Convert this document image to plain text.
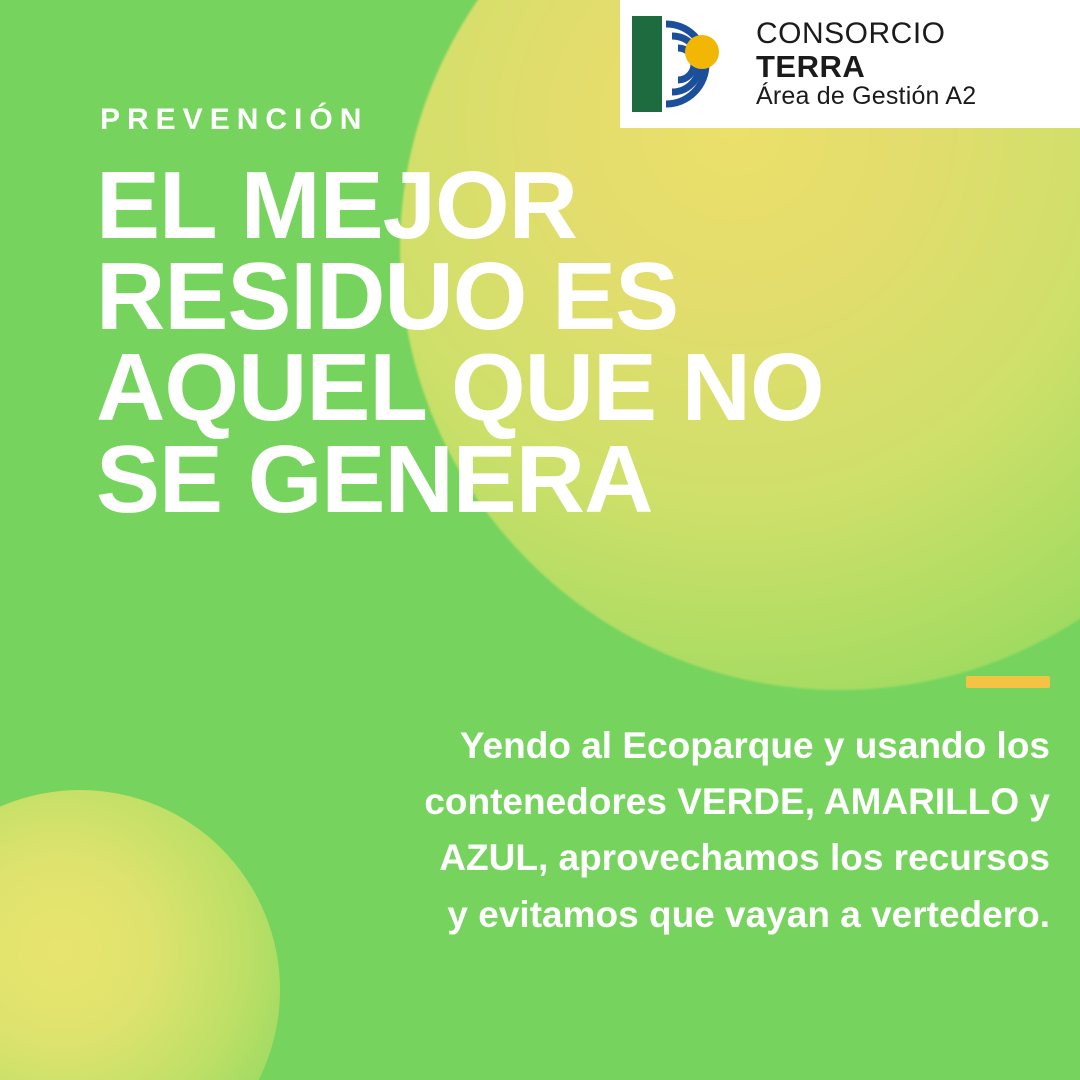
CONSORCIO
TERRA
Área de Gestión A2
PREVENCIÓN
EL MEJOR
RESIDUO ES
AQUEL QUE NO
SE GENERA
Yendo al Ecoparque y usando los contenedores VERDE, AMARILLO y AZUL, aprovechamos los recursos y evitamos que vayan a vertedero.
